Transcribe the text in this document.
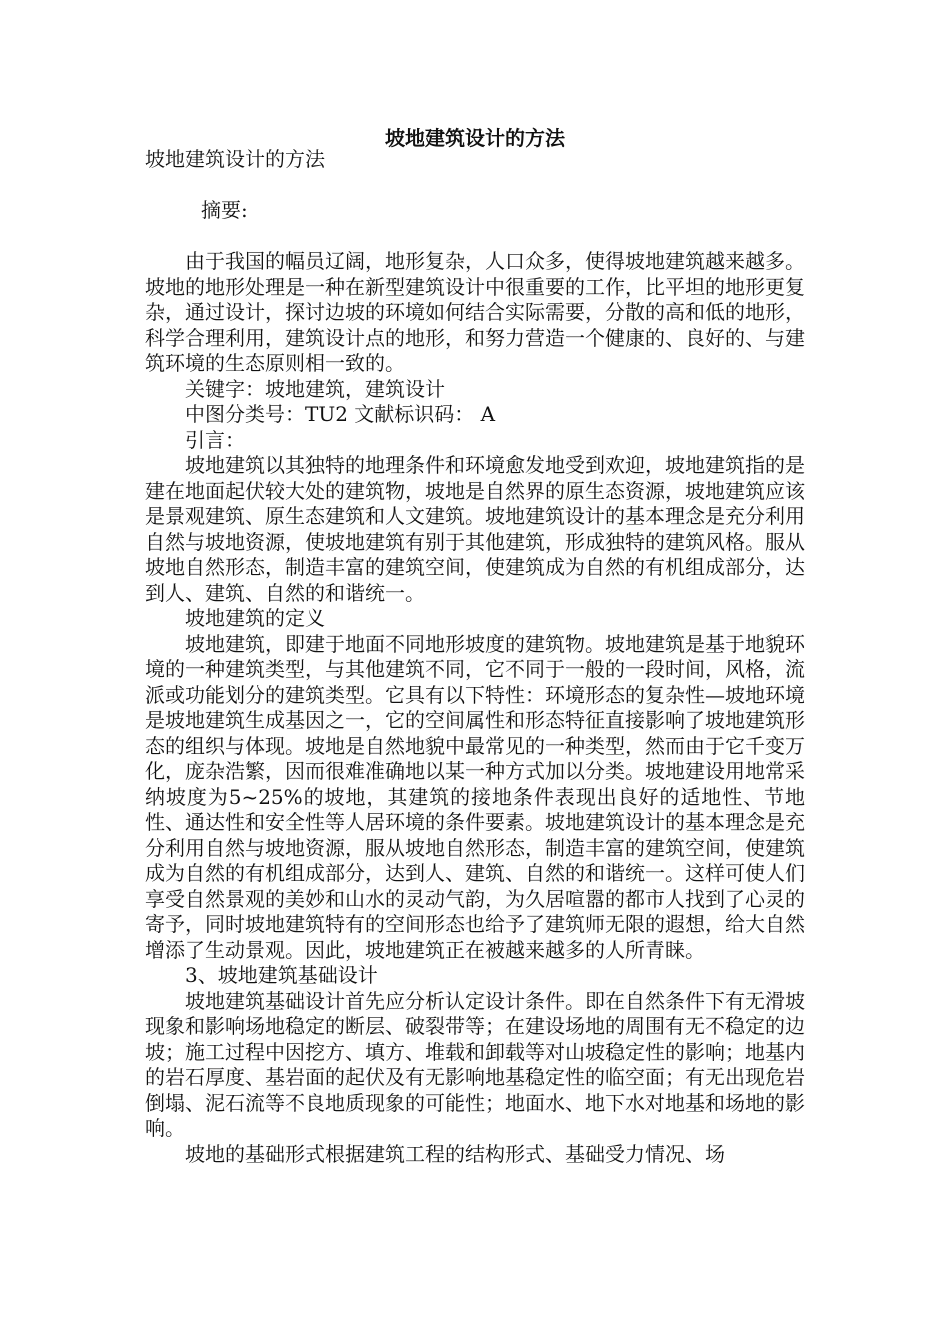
坡地建筑设计的方法

坡地建筑设计的方法

摘要:

由于我国的幅员辽阔，地形复杂，人口众多，使得坡地建筑越来越多。坡地的地形处理是一种在新型建筑设计中很重要的工作，比平坦的地形更复杂，通过设计，探讨边坡的环境如何结合实际需要，分散的高和低的地形，科学合理利用，建筑设计点的地形，和努力营造一个健康的、良好的、与建筑环境的生态原则相一致的。

关键字：坡地建筑，建筑设计

中图分类号：TU2 文献标识码： A

引言：

坡地建筑以其独特的地理条件和环境愈发地受到欢迎，坡地建筑指的是建在地面起伏较大处的建筑物，坡地是自然界的原生态资源，坡地建筑应该是景观建筑、原生态建筑和人文建筑。坡地建筑设计的基本理念是充分利用自然与坡地资源，使坡地建筑有别于其他建筑，形成独特的建筑风格。服从坡地自然形态，制造丰富的建筑空间，使建筑成为自然的有机组成部分，达到人、建筑、自然的和谐统一。

坡地建筑的定义

坡地建筑，即建于地面不同地形坡度的建筑物。坡地建筑是基于地貌环境的一种建筑类型，与其他建筑不同，它不同于一般的一段时间，风格，流派或功能划分的建筑类型。它具有以下特性：环境形态的复杂性—坡地环境是坡地建筑生成基因之一，它的空间属性和形态特征直接影响了坡地建筑形态的组织与体现。坡地是自然地貌中最常见的一种类型，然而由于它千变万化，庞杂浩繁，因而很难准确地以某一种方式加以分类。坡地建设用地常采纳坡度为5~25%的坡地，其建筑的接地条件表现出良好的适地性、节地性、通达性和安全性等人居环境的条件要素。坡地建筑设计的基本理念是充分利用自然与坡地资源，服从坡地自然形态，制造丰富的建筑空间，使建筑成为自然的有机组成部分，达到人、建筑、自然的和谐统一。这样可使人们享受自然景观的美妙和山水的灵动气韵，为久居喧嚣的都市人找到了心灵的寄予，同时坡地建筑特有的空间形态也给予了建筑师无限的遐想，给大自然增添了生动景观。因此，坡地建筑正在被越来越多的人所青睐。

3、坡地建筑基础设计

坡地建筑基础设计首先应分析认定设计条件。即在自然条件下有无滑坡现象和影响场地稳定的断层、破裂带等；在建设场地的周围有无不稳定的边坡；施工过程中因挖方、填方、堆载和卸载等对山坡稳定性的影响；地基内的岩石厚度、基岩面的起伏及有无影响地基稳定性的临空面；有无出现危岩倒塌、泥石流等不良地质现象的可能性；地面水、地下水对地基和场地的影响。

坡地的基础形式根据建筑工程的结构形式、基础受力情况、场
